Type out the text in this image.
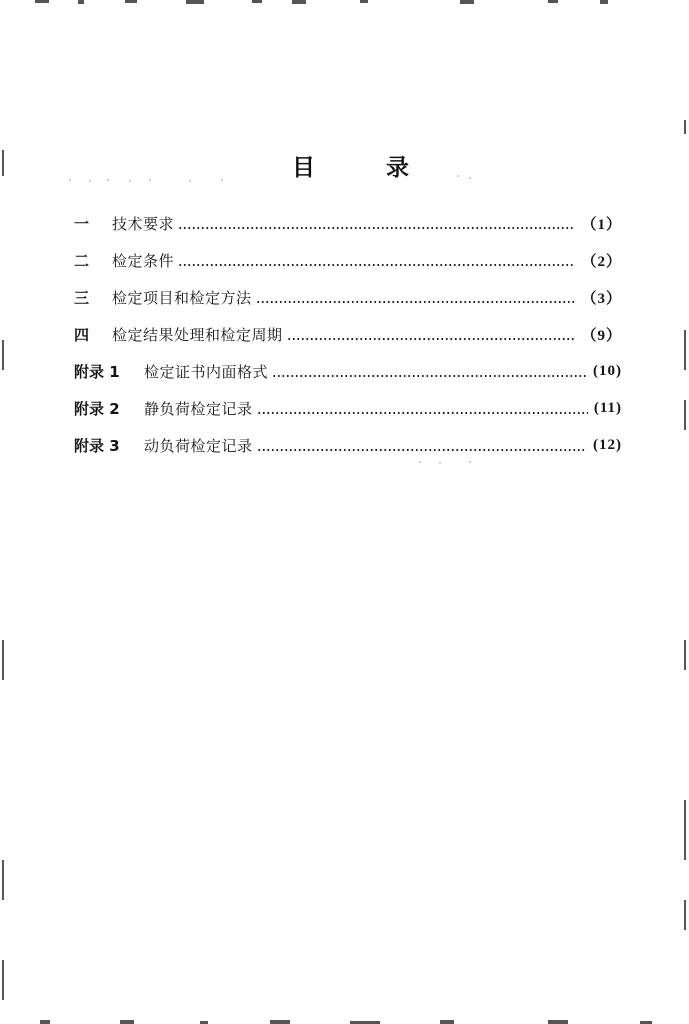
目	录
一	技术要求	（1）
二	检定条件	（2）
三	检定项目和检定方法	（3）
四	检定结果处理和检定周期	（9）
附录 1	检定证书内面格式	(10)
附录 2	静负荷检定记录	(11)
附录 3	动负荷检定记录	(12)
